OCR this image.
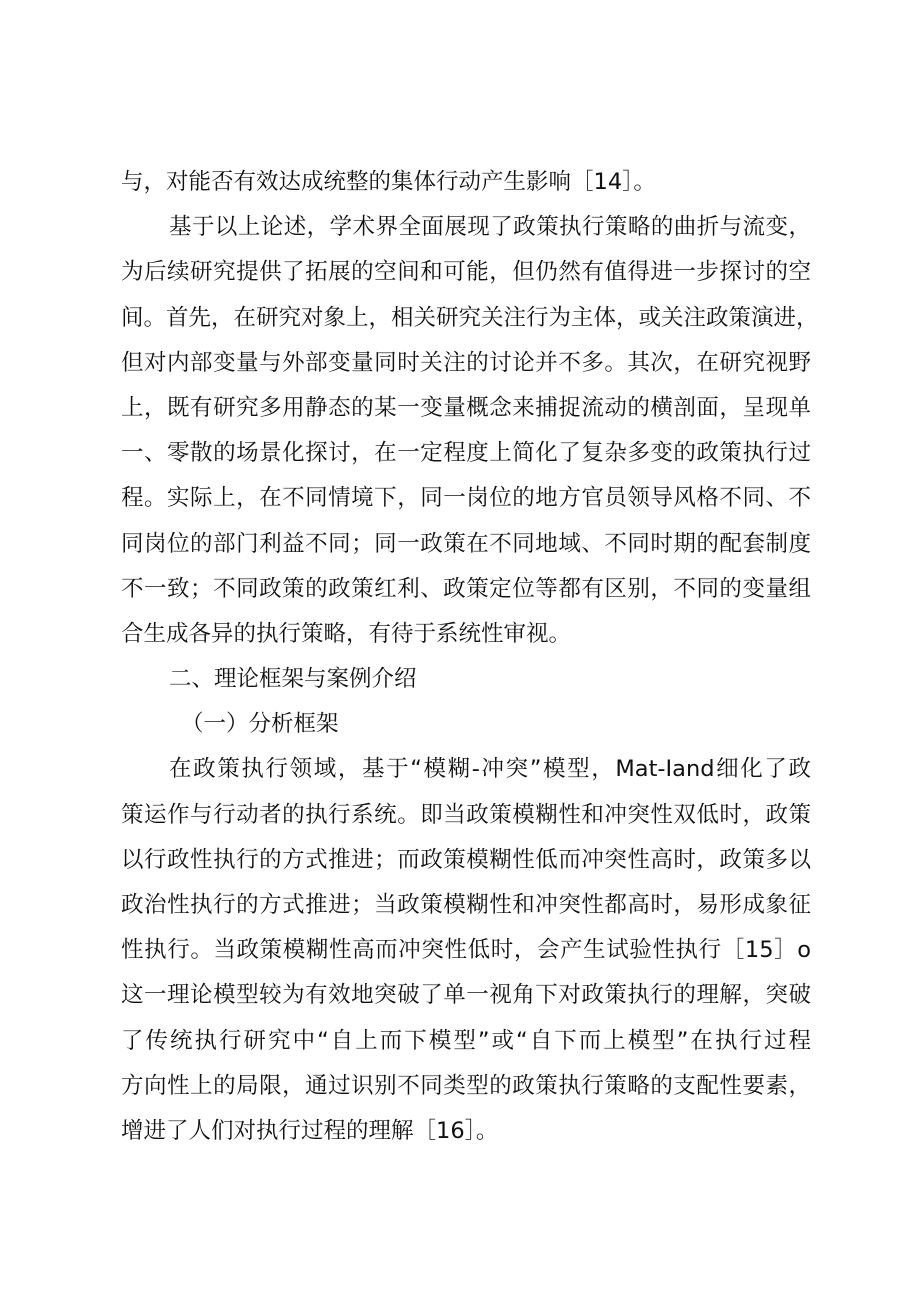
与，对能否有效达成统整的集体行动产生影响［14］。
基于以上论述，学术界全面展现了政策执行策略的曲折与流变，
为后续研究提供了拓展的空间和可能，但仍然有值得进一步探讨的空
间。首先，在研究对象上，相关研究关注行为主体，或关注政策演进，
但对内部变量与外部变量同时关注的讨论并不多。其次，在研究视野
上，既有研究多用静态的某一变量概念来捕捉流动的横剖面，呈现单
一、零散的场景化探讨，在一定程度上简化了复杂多变的政策执行过
程。实际上，在不同情境下，同一岗位的地方官员领导风格不同、不
同岗位的部门利益不同；同一政策在不同地域、不同时期的配套制度
不一致；不同政策的政策红利、政策定位等都有区别，不同的变量组
合生成各异的执行策略，有待于系统性审视。
二、理论框架与案例介绍
（一）分析框架
在政策执行领域，基于“模糊-冲突”模型，Mat-Iand细化了政
策运作与行动者的执行系统。即当政策模糊性和冲突性双低时，政策
以行政性执行的方式推进；而政策模糊性低而冲突性高时，政策多以
政治性执行的方式推进；当政策模糊性和冲突性都高时，易形成象征
性执行。当政策模糊性高而冲突性低时，会产生试验性执行［15］o
这一理论模型较为有效地突破了单一视角下对政策执行的理解，突破
了传统执行研究中“自上而下模型”或“自下而上模型”在执行过程
方向性上的局限，通过识别不同类型的政策执行策略的支配性要素，
增进了人们对执行过程的理解［16］。
